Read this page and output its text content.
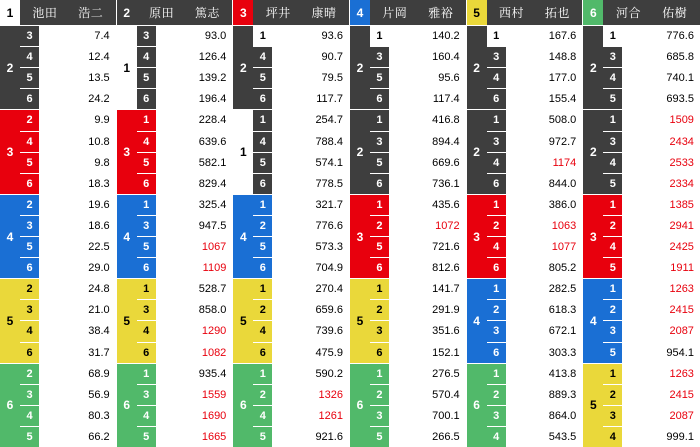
1	池田 浩二
2
3	7.4
4	12.4
5	13.5
6	24.2
3
2	9.9
4	10.8
5	9.8
6	18.3
4
2	19.6
3	18.6
5	22.5
6	29.0
5
2	24.8
3	21.0
4	38.4
6	31.7
6
2	68.9
3	56.9
4	80.3
5	66.2
2	原田 篤志
1
3	93.0
4	126.4
5	139.2
6	196.4
3
1	228.4
4	639.6
5	582.1
6	829.4
4
1	325.4
3	947.5
5	1067
6	1109
5
1	528.7
3	858.0
4	1290
6	1082
6
1	935.4
3	1559
4	1690
5	1665
3	坪井 康晴
2
1	93.6
4	90.7
5	79.5
6	117.7
1
1	254.7
4	788.4
5	574.1
6	778.5
4
1	321.7
2	776.6
5	573.3
6	704.9
5
1	270.4
2	659.6
4	739.6
6	475.9
6
1	590.2
2	1326
4	1261
5	921.6
4	片岡 雅裕
2
1	140.2
3	160.4
5	95.6
6	117.4
2
1	416.8
3	894.4
5	669.6
6	736.1
3
1	435.6
2	1072
5	721.6
6	812.6
5
1	141.7
2	291.9
3	351.6
6	152.1
6
1	276.5
2	570.4
3	700.1
5	266.5
5	西村 拓也
2
1	167.6
3	148.8
4	177.0
6	155.4
2
1	508.0
3	972.7
4	1174
6	844.0
3
1	386.0
2	1063
4	1077
6	805.2
4
1	282.5
2	618.3
3	672.1
6	303.3
6
1	413.8
2	889.3
3	864.0
4	543.5
6	河合 佑樹
2
1	776.6
3	685.8
4	740.1
5	693.5
2
1	1509
3	2434
4	2533
5	2334
3
1	1385
2	2941
4	2425
5	1911
4
1	1263
2	2415
3	2087
5	954.1
5
1	1263
2	2415
3	2087
4	999.1
